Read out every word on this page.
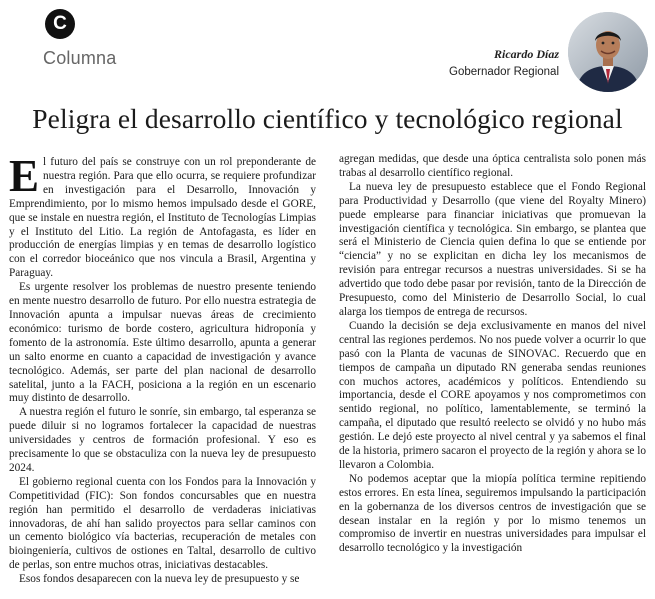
C
Columna	Ricardo Díaz
Gobernador Regional
Peligra el desarrollo científico y tecnológico regional

El futuro del país se construye con un rol preponderante de nuestra región. Para que ello ocurra, se requiere profundizar en investigación para el Desarrollo, Innovación y Emprendimiento, por lo mismo hemos impulsado desde el GORE, que se instale en nuestra región, el Instituto de Tecnologías Limpias y el Instituto del Litio. La región de Antofagasta, es líder en producción de energías limpias y en temas de desarrollo logístico con el corredor bioceánico que nos vincula a Brasil, Argentina y Paraguay.

Es urgente resolver los problemas de nuestro presente teniendo en mente nuestro desarrollo de futuro. Por ello nuestra estrategia de Innovación apunta a impulsar nuevas áreas de crecimiento económico: turismo de borde costero, agricultura hidroponía y fomento de la astronomía. Este último desarrollo, apunta a generar un salto enorme en cuanto a capacidad de investigación y avance tecnológico. Además, ser parte del plan nacional de desarrollo satelital, junto a la FACH, posiciona a la región en un escenario muy distinto de desarrollo.

A nuestra región el futuro le sonríe, sin embargo, tal esperanza se puede diluir si no logramos fortalecer la capacidad de nuestras universidades y centros de formación profesional. Y eso es precisamente lo que se obstaculiza con la nueva ley de presupuesto 2024.

El gobierno regional cuenta con los Fondos para la Innovación y Competitividad (FIC): Son fondos concursables que en nuestra región han permitido el desarrollo de verdaderas iniciativas innovadoras, de ahí han salido proyectos para sellar caminos con un cemento biológico vía bacterias, recuperación de metales con bioingeniería, cultivos de ostiones en Taltal, desarrollo de cultivo de perlas, son entre muchos otras, iniciativas destacables.

Esos fondos desaparecen con la nueva ley de presupuesto y se

agregan medidas, que desde una óptica centralista solo ponen más trabas al desarrollo científico regional.

La nueva ley de presupuesto establece que el Fondo Regional para Productividad y Desarrollo (que viene del Royalty Minero) puede emplearse para financiar iniciativas que promuevan la investigación científica y tecnológica. Sin embargo, se plantea que será el Ministerio de Ciencia quien defina lo que se entiende por “ciencia” y no se explicitan en dicha ley los mecanismos de revisión para entregar recursos a nuestras universidades. Si se ha advertido que todo debe pasar por revisión, tanto de la Dirección de Presupuesto, como del Ministerio de Desarrollo Social, lo cual alarga los tiempos de entrega de recursos.

Cuando la decisión se deja exclusivamente en manos del nivel central las regiones perdemos. No nos puede volver a ocurrir lo que pasó con la Planta de vacunas de SINOVAC. Recuerdo que en tiempos de campaña un diputado RN generaba sendas reuniones con muchos actores, académicos y políticos. Entendiendo su importancia, desde el CORE apoyamos y nos comprometimos con sentido regional, no político, lamentablemente, se terminó la campaña, el diputado que resultó reelecto se olvidó y no hubo más gestión. Le dejó este proyecto al nivel central y ya sabemos el final de la historia, primero sacaron el proyecto de la región y ahora se lo llevaron a Colombia.

No podemos aceptar que la miopía política termine repitiendo estos errores. En esta línea, seguiremos impulsando la participación en la gobernanza de los diversos centros de investigación que se desean instalar en la región y por lo mismo tenemos un compromiso de invertir en nuestras universidades para impulsar el desarrollo tecnológico y la investigación
